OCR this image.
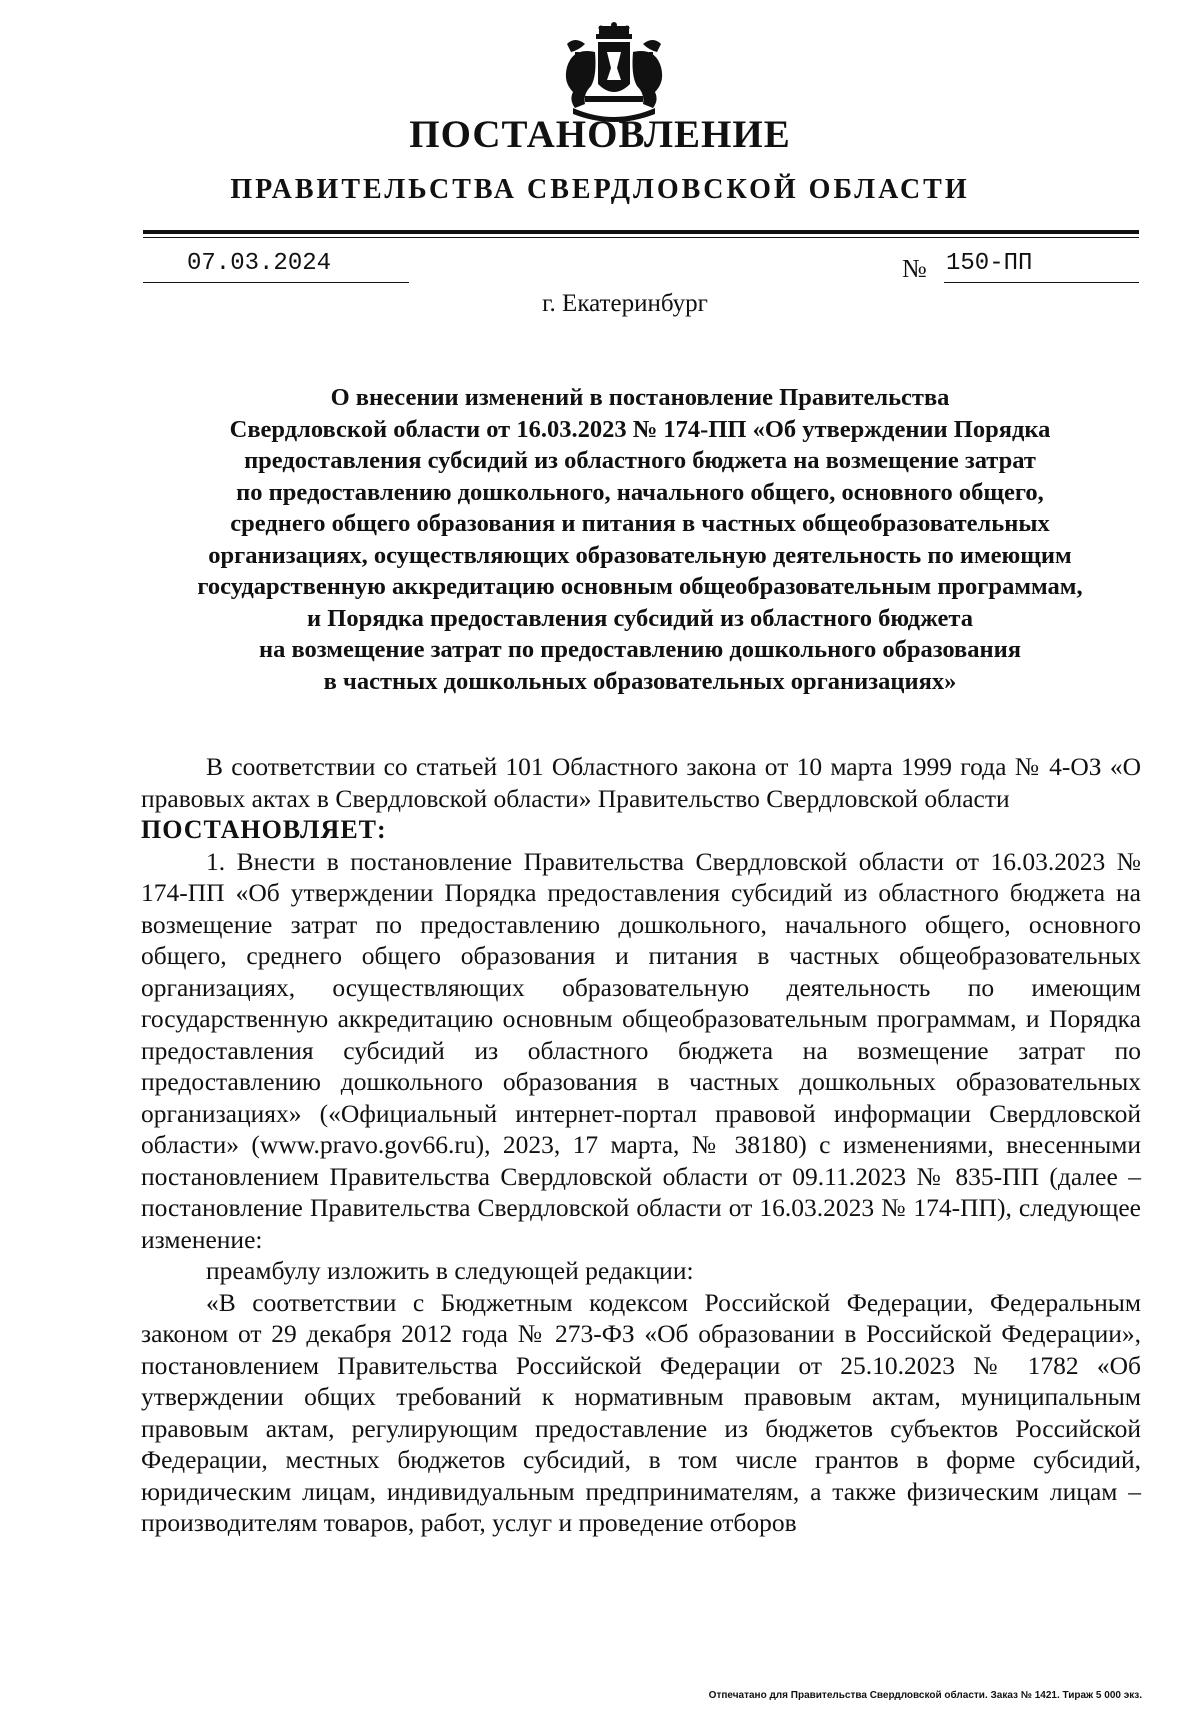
ПОСТАНОВЛЕНИЕ
ПРАВИТЕЛЬСТВА СВЕРДЛОВСКОЙ ОБЛАСТИ
07.03.2024	№ 150-ПП
г. Екатеринбург
О внесении изменений в постановление Правительства
Свердловской области от 16.03.2023 № 174-ПП «Об утверждении Порядка
предоставления субсидий из областного бюджета на возмещение затрат
по предоставлению дошкольного, начального общего, основного общего,
среднего общего образования и питания в частных общеобразовательных
организациях, осуществляющих образовательную деятельность по имеющим
государственную аккредитацию основным общеобразовательным программам,
и Порядка предоставления субсидий из областного бюджета
на возмещение затрат по предоставлению дошкольного образования
в частных дошкольных образовательных организациях»

В соответствии со статьей 101 Областного закона от 10 марта 1999 года № 4-ОЗ «О правовых актах в Свердловской области» Правительство Свердловской области

ПОСТАНОВЛЯЕТ:

1. Внести в постановление Правительства Свердловской области от 16.03.2023 № 174-ПП «Об утверждении Порядка предоставления субсидий из областного бюджета на возмещение затрат по предоставлению дошкольного, начального общего, основного общего, среднего общего образования и питания в частных общеобразовательных организациях, осуществляющих образовательную деятельность по имеющим государственную аккредитацию основным общеобразовательным программам, и Порядка предоставления субсидий из областного бюджета на возмещение затрат по предоставлению дошкольного образования в частных дошкольных образовательных организациях» («Официальный интернет-портал правовой информации Свердловской области» (www.pravo.gov66.ru), 2023, 17 марта, № 38180) с изменениями, внесенными постановлением Правительства Свердловской области от 09.11.2023 № 835-ПП (далее – постановление Правительства Свердловской области от 16.03.2023 № 174-ПП), следующее изменение:

преамбулу изложить в следующей редакции:

«В соответствии с Бюджетным кодексом Российской Федерации, Федеральным законом от 29 декабря 2012 года № 273-ФЗ «Об образовании в Российской Федерации», постановлением Правительства Российской Федерации от 25.10.2023 № 1782 «Об утверждении общих требований к нормативным правовым актам, муниципальным правовым актам, регулирующим предоставление из бюджетов субъектов Российской Федерации, местных бюджетов субсидий, в том числе грантов в форме субсидий, юридическим лицам, индивидуальным предпринимателям, а также физическим лицам – производителям товаров, работ, услуг и проведение отборов

Отпечатано для Правительства Свердловской области. Заказ № 1421. Тираж 5 000 экз.
